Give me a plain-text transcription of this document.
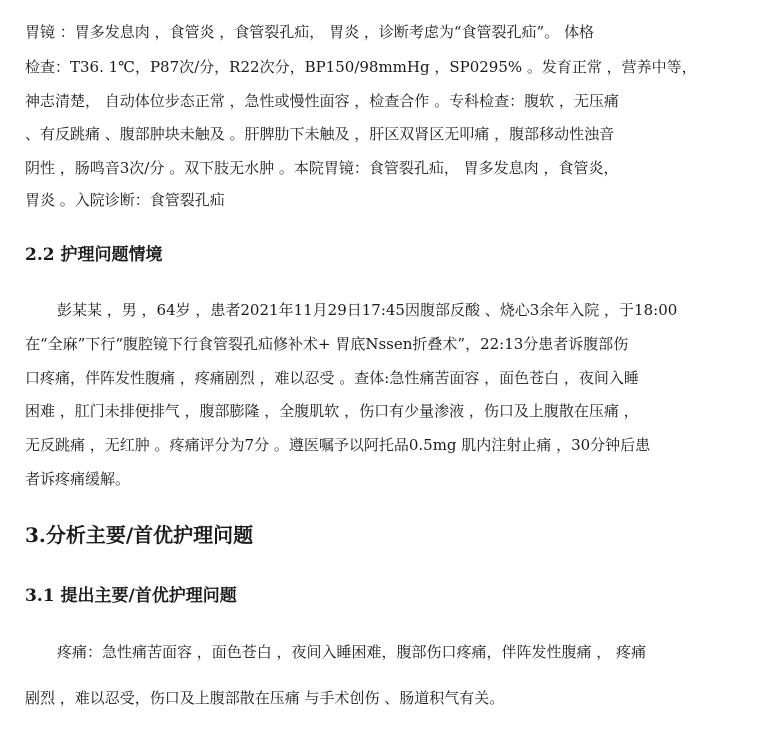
胃镜 ：胃多发息肉 ，食管炎 ，食管裂孔疝， 胃炎 ，诊断考虑为“食管裂孔疝”。 体格
检查：T36. 1℃，P87次/分，R22次分，BP150/98mmHg ，SP0295% 。发育正常 ，营养中等，
神志清楚， 自动体位步态正常 ，急性或慢性面容 ，检查合作 。专科检查：腹软 ，无压痛
、有反跳痛 、腹部肿块未触及 。肝脾肋下未触及 ，肝区双肾区无叩痛 ，腹部移动性浊音
阴性 ，肠鸣音3次/分 。双下肢无水肿 。本院胃镜：食管裂孔疝， 胃多发息肉 ，食管炎，
胃炎 。入院诊断：食管裂孔疝
2.2 护理问题情境
彭某某 ，男 ，64岁 ，患者2021年11月29日17:45因腹部反酸 、烧心3余年入院 ，于18:00
在“全麻”下行“腹腔镜下行食管裂孔疝修补术+ 胃底Nssen折叠术”，22:13分患者诉腹部伤
口疼痛，伴阵发性腹痛 ，疼痛剧烈 ，难以忍受 。查体:急性痛苦面容 ，面色苍白 ，夜间入睡
困难 ，肛门未排便排气 ，腹部膨隆 ，全腹肌软 ，伤口有少量渗液 ，伤口及上腹散在压痛 ，
无反跳痛 ，无红肿 。疼痛评分为7分 。遵医嘱予以阿托品0.5mg 肌内注射止痛 ，30分钟后患
者诉疼痛缓解。
3.分析主要/首优护理问题
3.1 提出主要/首优护理问题
疼痛：急性痛苦面容 ，面色苍白 ，夜间入睡困难，腹部伤口疼痛，伴阵发性腹痛 ， 疼痛
剧烈 ，难以忍受，伤口及上腹部散在压痛 与手术创伤 、肠道积气有关。
